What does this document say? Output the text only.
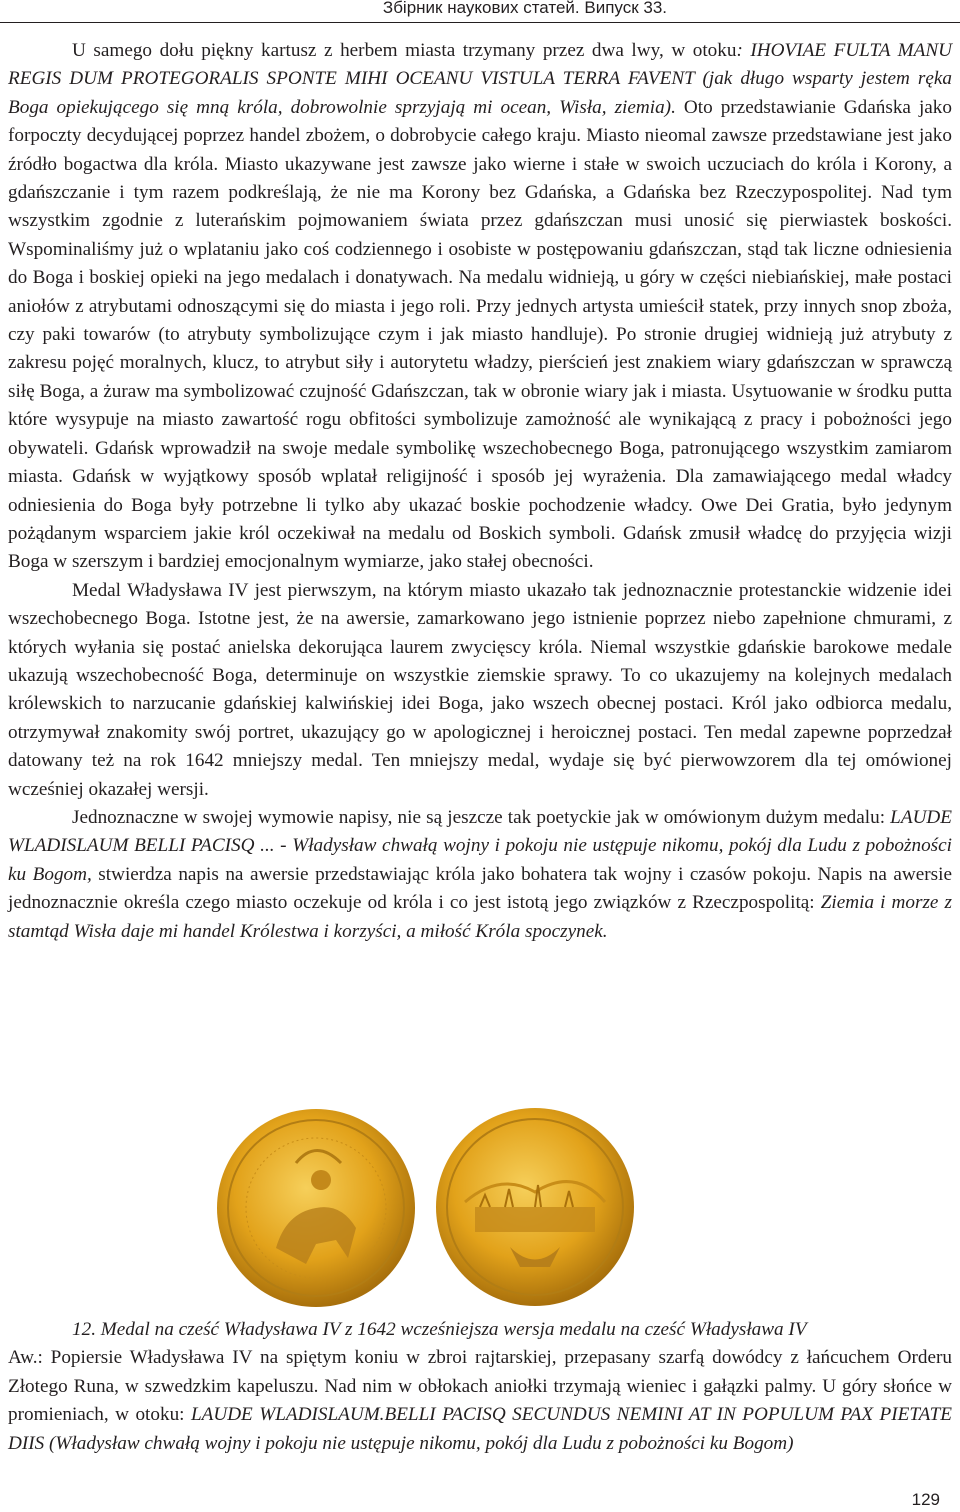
Збірник наукових статей. Випуск 33.

U samego dołu piękny kartusz z herbem miasta trzymany przez dwa lwy, w otoku: IHOVIAE FULTA MANU REGIS DUM PROTEGORALIS SPONTE MIHI OCEANU VISTULA TERRA FAVENT (jak długo wsparty jestem ręka Boga opiekującego się mną króla, dobrowolnie sprzyjają mi ocean, Wisła, ziemia). Oto przedstawianie Gdańska jako forpoczty decydującej poprzez handel zbożem, o dobrobycie całego kraju. Miasto nieomal zawsze przedstawiane jest jako źródło bogactwa dla króla. Miasto ukazywane jest zawsze jako wierne i stałe w swoich uczuciach do króla i Korony, a gdańszczanie i tym razem podkreślają, że nie ma Korony bez Gdańska, a Gdańska bez Rzeczypospolitej. Nad tym wszystkim zgodnie z luterańskim pojmowaniem świata przez gdańszczan musi unosić się pierwiastek boskości. Wspominaliśmy już o wplataniu jako coś codziennego i osobiste w postępowaniu gdańszczan, stąd tak liczne odniesienia do Boga i boskiej opieki na jego medalach i donatywach. Na medalu widnieją, u góry w części niebiańskiej, małe postaci aniołów z atrybutami odnoszącymi się do miasta i jego roli. Przy jednych artysta umieścił statek, przy innych snop zboża, czy paki towarów (to atrybuty symbolizujące czym i jak miasto handluje). Po stronie drugiej widnieją już atrybuty z zakresu pojęć moralnych, klucz, to atrybut siły i autorytetu władzy, pierścień jest znakiem wiary gdańszczan w sprawczą siłę Boga, a żuraw ma symbolizować czujność Gdańszczan, tak w obronie wiary jak i miasta. Usytuowanie w środku putta które wysypuje na miasto zawartość rogu obfitości symbolizuje zamożność ale wynikającą z pracy i pobożności jego obywateli. Gdańsk wprowadził na swoje medale symbolikę wszechobecnego Boga, patronującego wszystkim zamiarom miasta. Gdańsk w wyjątkowy sposób wplatał religijność i sposób jej wyrażenia. Dla zamawiającego medal władcy odniesienia do Boga były potrzebne li tylko aby ukazać boskie pochodzenie władcy. Owe Dei Gratia, było jedynym pożądanym wsparciem jakie król oczekiwał na medalu od Boskich symboli. Gdańsk zmusił władcę do przyjęcia wizji Boga w szerszym i bardziej emocjonalnym wymiarze, jako stałej obecności.

Medal Władysława IV jest pierwszym, na którym miasto ukazało tak jednoznacznie protestanckie widzenie idei wszechobecnego Boga. Istotne jest, że na awersie, zamarkowano jego istnienie poprzez niebo zapełnione chmurami, z których wyłania się postać anielska dekorująca laurem zwycięscy króla. Niemal wszystkie gdańskie barokowe medale ukazują wszechobecność Boga, determinuje on wszystkie ziemskie sprawy. To co ukazujemy na kolejnych medalach królewskich to narzucanie gdańskiej kalwińskiej idei Boga, jako wszech obecnej postaci. Król jako odbiorca medalu, otrzymywał znakomity swój portret, ukazujący go w apologicznej i heroicznej postaci. Ten medal zapewne poprzedzał datowany też na rok 1642 mniejszy medal. Ten mniejszy medal, wydaje się być pierwowzorem dla tej omówionej wcześniej okazałej wersji.

Jednoznaczne w swojej wymowie napisy, nie są jeszcze tak poetyckie jak w omówionym dużym medalu: LAUDE WLADISLAUM BELLI PACISQ ... - Władysław chwałą wojny i pokoju nie ustępuje nikomu, pokój dla Ludu z pobożności ku Bogom, stwierdza napis na awersie przedstawiając króla jako bohatera tak wojny i czasów pokoju. Napis na awersie jednoznacznie określa czego miasto oczekuje od króla i co jest istotą jego związków z Rzeczpospolitą: Ziemia i morze z stamtąd Wisła daje mi handel Królestwa i korzyści, a miłość Króla spoczynek.

12. Medal na cześć Władysława IV z 1642 wcześniejsza wersja medalu na cześć Władysława IV
Aw.: Popiersie Władysława IV na spiętym koniu w zbroi rajtarskiej, przepasany szarfą dowódcy z łańcuchem Orderu Złotego Runa, w szwedzkim kapeluszu. Nad nim w obłokach aniołki trzymają wieniec i gałązki palmy. U góry słońce w promieniach, w otoku: LAUDE WLADISLAUM.BELLI PACISQ SECUNDUS NEMINI AT IN POPULUM PAX PIETATE DIIS (Władysław chwałą wojny i pokoju nie ustępuje nikomu, pokój dla Ludu z pobożności ku Bogom)
129
